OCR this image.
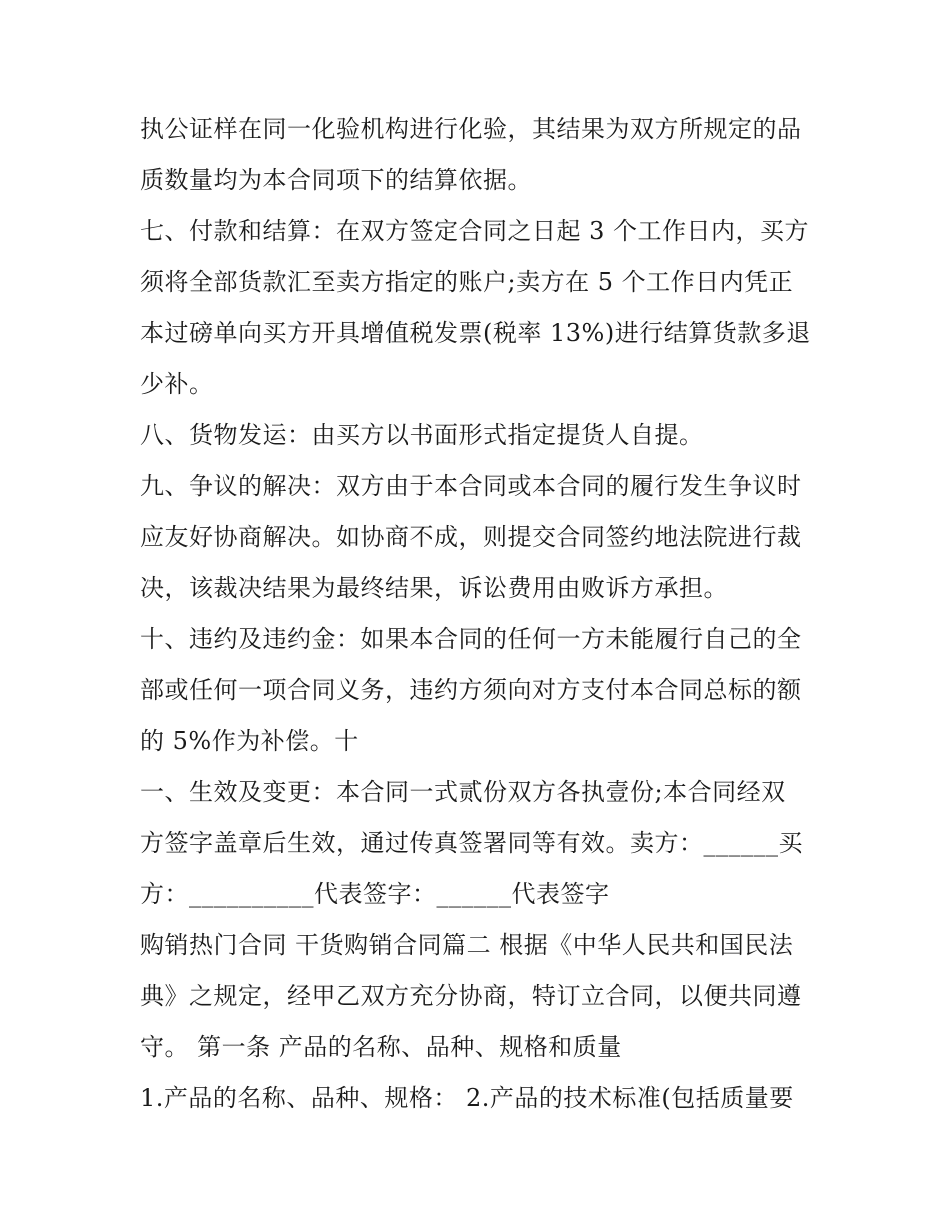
执公证样在同一化验机构进行化验，其结果为双方所规定的品
质数量均为本合同项下的结算依据。
七、付款和结算：在双方签定合同之日起 3 个工作日内，买方
须将全部货款汇至卖方指定的账户;卖方在 5 个工作日内凭正
本过磅单向买方开具增值税发票(税率 13%)进行结算货款多退
少补。
八、货物发运：由买方以书面形式指定提货人自提。
九、争议的解决：双方由于本合同或本合同的履行发生争议时
应友好协商解决。如协商不成，则提交合同签约地法院进行裁
决，该裁决结果为最终结果，诉讼费用由败诉方承担。
十、违约及违约金：如果本合同的任何一方未能履行自己的全
部或任何一项合同义务，违约方须向对方支付本合同总标的额
的 5%作为补偿。十
一、生效及变更：本合同一式贰份双方各执壹份;本合同经双
方签字盖章后生效，通过传真签署同等有效。卖方：______买
方：__________代表签字：______代表签字
购销热门合同 干货购销合同篇二 根据《中华人民共和国民法
典》之规定，经甲乙双方充分协商，特订立合同，以便共同遵
守。 第一条 产品的名称、品种、规格和质量
1.产品的名称、品种、规格： 2.产品的技术标准(包括质量要
